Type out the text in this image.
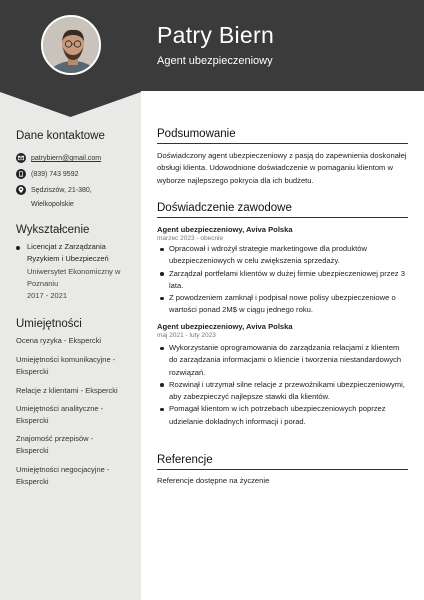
Patry Biern
Agent ubezpieczeniowy
Dane kontaktowe
patrybiern@gmail.com
(839) 743 9592
Sędziszów, 21-380,
Wielkopolskie
Wykształcenie
Licencjat z Zarządzania
Ryzykiem i Ubezpieczeń
Uniwersytet Ekonomiczny w
Poznaniu
2017 - 2021
Umiejętności
Ocena ryzyka - Ekspercki
Umiejętności komunikacyjne -
Ekspercki
Relacje z klientami - Ekspercki
Umiejętności analityczne -
Ekspercki
Znajomość przepisów -
Ekspercki
Umiejętności negocjacyjne -
Ekspercki
Podsumowanie
Doświadczony agent ubezpieczeniowy z pasją do zapewnienia doskonałej obsługi klienta. Udowodnione doświadczenie w pomaganiu klientom w wyborze najlepszego pokrycia dla ich budżetu.
Doświadczenie zawodowe
Agent ubezpieczeniowy, Aviva Polska
marzec 2023 - obecnie
Opracował i wdrożył strategie marketingowe dla produktów ubezpieczeniowych w celu zwiększenia sprzedaży.
Zarządzał portfelami klientów w dużej firmie ubezpieczeniowej przez 3 lata.
Z powodzeniem zamknął i podpisał nowe polisy ubezpieczeniowe o wartości ponad 2M$ w ciągu jednego roku.
Agent ubezpieczeniowy, Aviva Polska
maj 2021 - luty 2023
Wykorzystanie oprogramowania do zarządzania relacjami z klientem do zarządzania informacjami o kliencie i tworzenia niestandardowych rozwiązań.
Rozwinął i utrzymał silne relacje z przewoźnikami ubezpieczeniowymi, aby zabezpieczyć najlepsze stawki dla klientów.
Pomagał klientom w ich potrzebach ubezpieczeniowych poprzez udzielanie dokładnych informacji i porad.
Referencje
Referencje dostępne na życzenie
